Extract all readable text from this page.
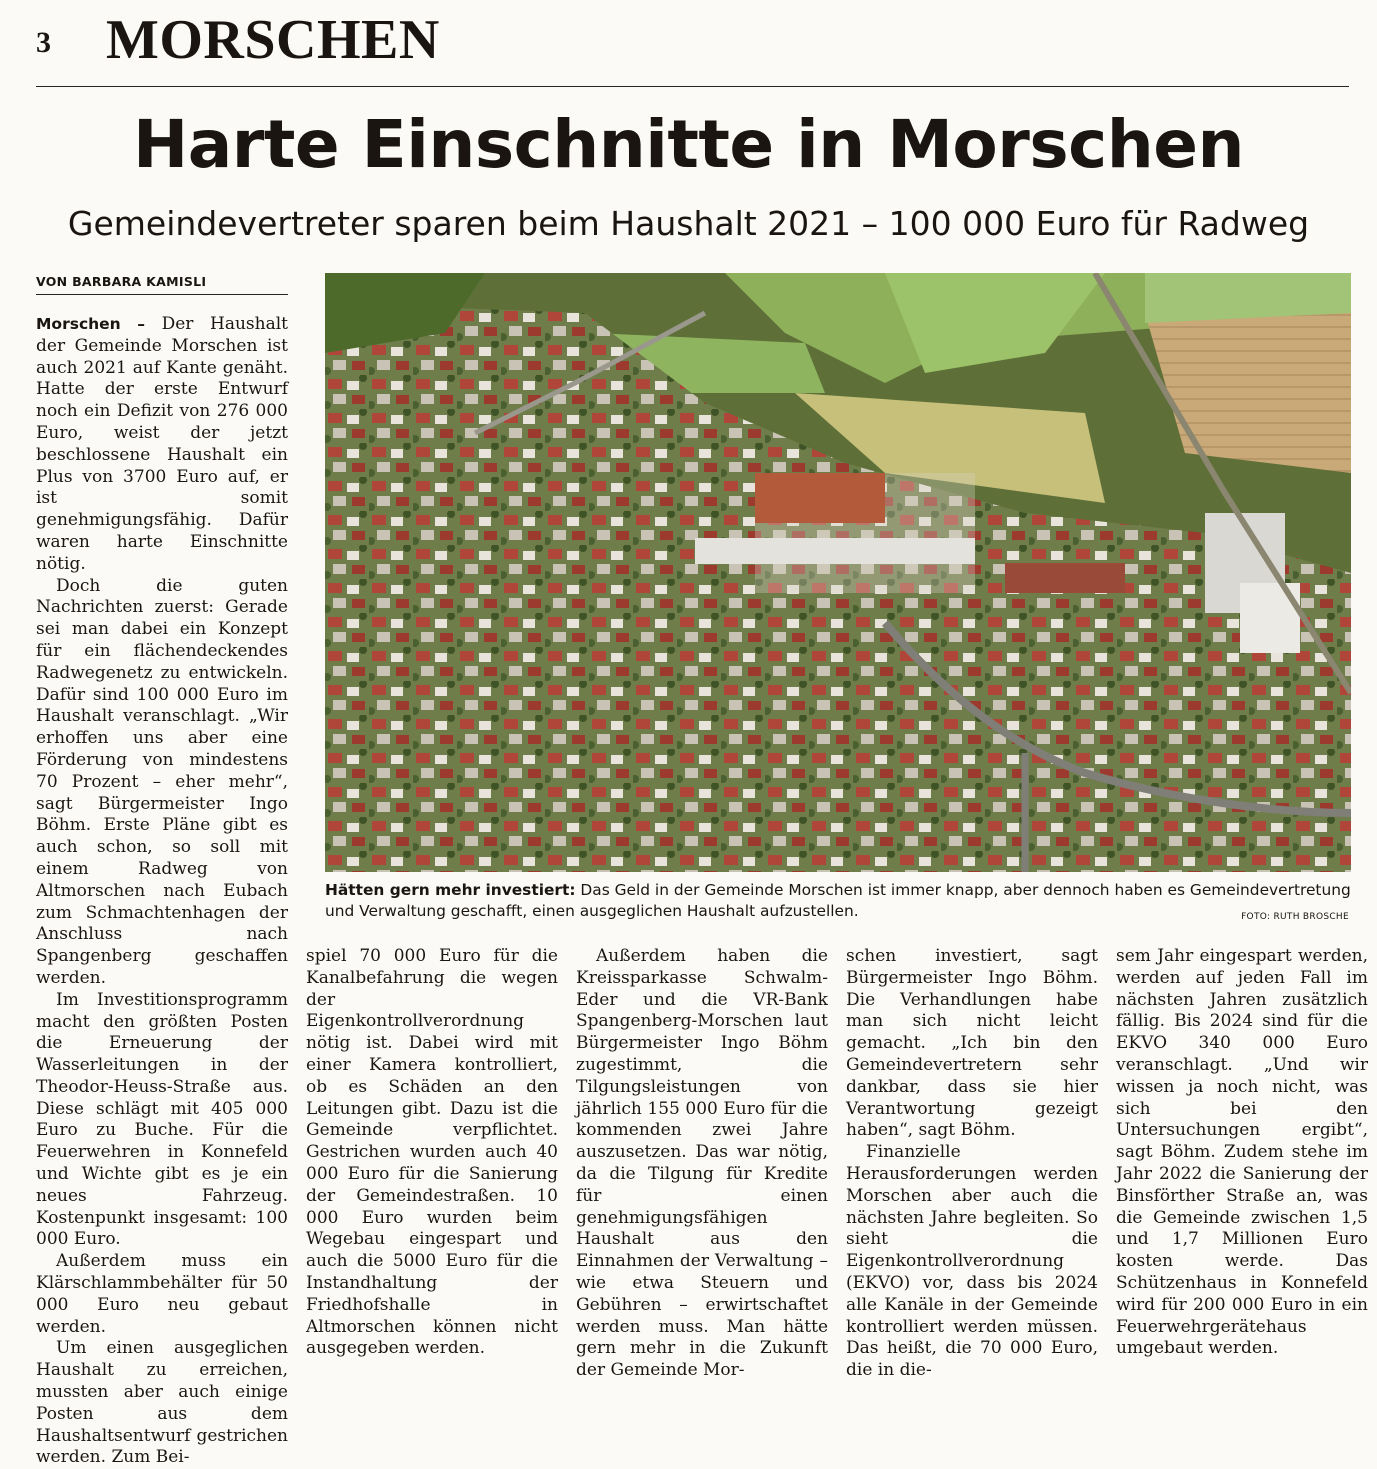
3 MORSCHEN
Harte Einschnitte in Morschen
Gemeindevertreter sparen beim Haushalt 2021 – 100 000 Euro für Radweg
VON BARBARA KAMISLI

Morschen – Der Haushalt der Gemeinde Morschen ist auch 2021 auf Kante genäht. Hatte der erste Entwurf noch ein Defizit von 276 000 Euro, weist der jetzt beschlossene Haushalt ein Plus von 3700 Euro auf, er ist somit genehmigungsfähig. Dafür waren harte Einschnitte nötig.

Doch die guten Nachrichten zuerst: Gerade sei man dabei ein Konzept für ein flächendeckendes Radwegenetz zu entwickeln. Dafür sind 100 000 Euro im Haushalt veranschlagt. „Wir erhoffen uns aber eine Förderung von mindestens 70 Prozent – eher mehr“, sagt Bürgermeister Ingo Böhm. Erste Pläne gibt es auch schon, so soll mit einem Radweg von Altmorschen nach Eubach zum Schmachtenhagen der Anschluss nach Spangenberg geschaffen werden.

Im Investitionsprogramm macht den größten Posten die Erneuerung der Wasserleitungen in der Theodor-Heuss-Straße aus. Diese schlägt mit 405 000 Euro zu Buche. Für die Feuerwehren in Konnefeld und Wichte gibt es je ein neues Fahrzeug. Kostenpunkt insgesamt: 100 000 Euro.

Außerdem muss ein Klärschlammbehälter für 50 000 Euro neu gebaut werden.

Um einen ausgeglichen Haushalt zu erreichen, mussten aber auch einige Posten aus dem Haushaltsentwurf gestrichen werden. Zum Bei-

Hätten gern mehr investiert: Das Geld in der Gemeinde Morschen ist immer knapp, aber dennoch haben es Gemeindevertretung und Verwaltung geschafft, einen ausgeglichen Haushalt aufzustellen.	FOTO: RUTH BROSCHE

spiel 70 000 Euro für die Kanalbefahrung die wegen der Eigenkontrollverordnung nötig ist. Dabei wird mit einer Kamera kontrolliert, ob es Schäden an den Leitungen gibt. Dazu ist die Gemeinde verpflichtet. Gestrichen wurden auch 40 000 Euro für die Sanierung der Gemeindestraßen. 10 000 Euro wurden beim Wegebau eingespart und auch die 5000 Euro für die Instandhaltung der Friedhofshalle in Altmorschen können nicht ausgegeben werden.

Außerdem haben die Kreissparkasse Schwalm-Eder und die VR-Bank Spangenberg-Morschen laut Bürgermeister Ingo Böhm zugestimmt, die Tilgungsleistungen von jährlich 155 000 Euro für die kommenden zwei Jahre auszusetzen. Das war nötig, da die Tilgung für Kredite für einen genehmigungsfähigen Haushalt aus den Einnahmen der Verwaltung – wie etwa Steuern und Gebühren – erwirtschaftet werden muss. Man hätte gern mehr in die Zukunft der Gemeinde Mor-

schen investiert, sagt Bürgermeister Ingo Böhm. Die Verhandlungen habe man sich nicht leicht gemacht. „Ich bin den Gemeindevertretern sehr dankbar, dass sie hier Verantwortung gezeigt haben“, sagt Böhm.

Finanzielle Herausforderungen werden Morschen aber auch die nächsten Jahre begleiten. So sieht die Eigenkontrollverordnung (EKVO) vor, dass bis 2024 alle Kanäle in der Gemeinde kontrolliert werden müssen. Das heißt, die 70 000 Euro, die in die-

sem Jahr eingespart werden, werden auf jeden Fall im nächsten Jahren zusätzlich fällig. Bis 2024 sind für die EKVO 340 000 Euro veranschlagt. „Und wir wissen ja noch nicht, was sich bei den Untersuchungen ergibt“, sagt Böhm. Zudem stehe im Jahr 2022 die Sanierung der Binsförther Straße an, was die Gemeinde zwischen 1,5 und 1,7 Millionen Euro kosten werde. Das Schützenhaus in Konnefeld wird für 200 000 Euro in ein Feuerwehrgerätehaus umgebaut werden.
